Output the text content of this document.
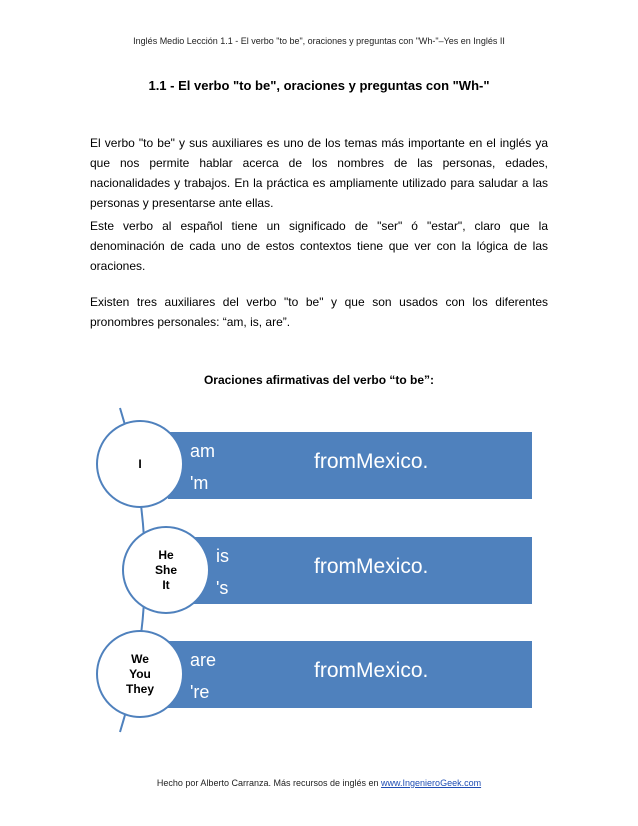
Inglés Medio Lección 1.1 - El verbo "to be", oraciones y preguntas con "Wh-"–Yes en Inglés II
1.1 - El verbo "to be", oraciones y preguntas con "Wh-"

El verbo "to be" y sus auxiliares es uno de los temas más importante en el inglés ya que nos permite hablar acerca de los nombres de las personas, edades, nacionalidades y trabajos. En la práctica es ampliamente utilizado para saludar a las personas y presentarse ante ellas.

Este verbo al español tiene un significado de "ser" ó "estar", claro que la denominación de cada uno de estos contextos tiene que ver con la lógica de las oraciones.

Existen tres auxiliares del verbo "to be" y que son usados con los diferentes pronombres personales: “am, is, are”.

Oraciones afirmativas del verbo “to be”:
am
'm
fromMexico.
is
's
fromMexico.
are
're
fromMexico.
I
He
She
It
We
You
They
Hecho por Alberto Carranza. Más recursos de inglés en www.IngenieroGeek.com
